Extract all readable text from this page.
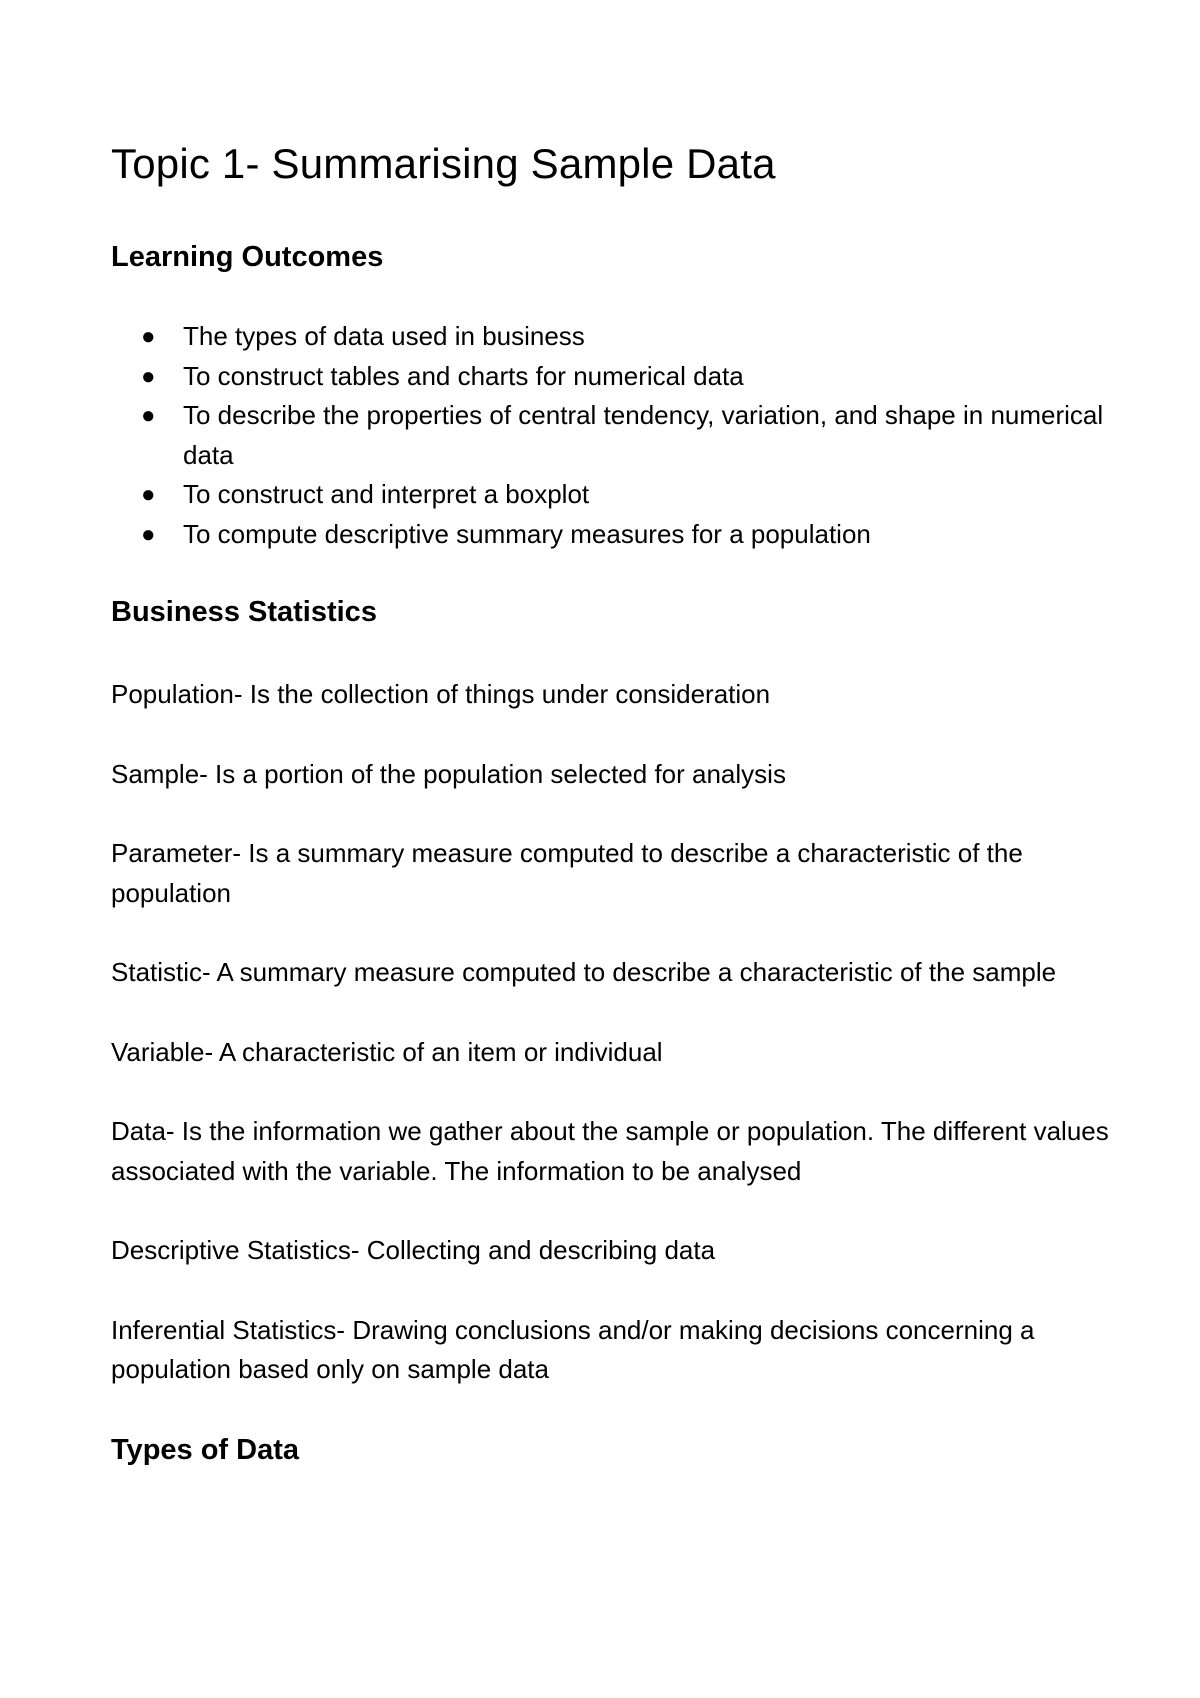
Topic 1- Summarising Sample Data
Learning Outcomes
● The types of data used in business
● To construct tables and charts for numerical data
● To describe the properties of central tendency, variation, and shape in numerical data
● To construct and interpret a boxplot
● To compute descriptive summary measures for a population
Business Statistics

Population- Is the collection of things under consideration

Sample- Is a portion of the population selected for analysis

Parameter- Is a summary measure computed to describe a characteristic of the population

Statistic- A summary measure computed to describe a characteristic of the sample

Variable- A characteristic of an item or individual

Data- Is the information we gather about the sample or population. The different values associated with the variable. The information to be analysed

Descriptive Statistics- Collecting and describing data

Inferential Statistics- Drawing conclusions and/or making decisions concerning a population based only on sample data

Types of Data
